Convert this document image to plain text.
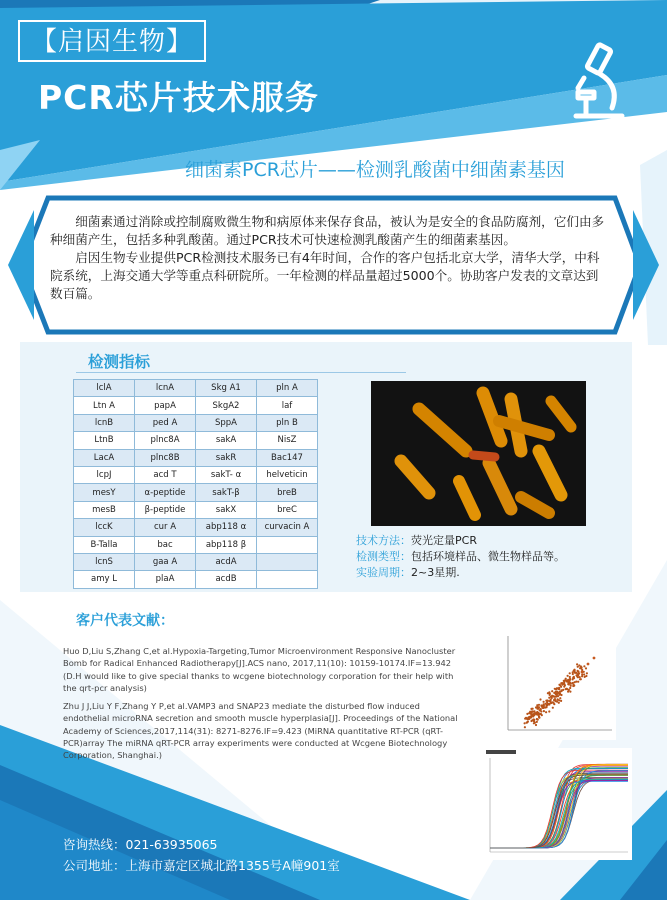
【启因生物】
PCR芯片技术服务
细菌素PCR芯片——检测乳酸菌中细菌素基因

细菌素通过消除或控制腐败微生物和病原体来保存食品，被认为是安全的食品防腐剂，它们由多种细菌产生，包括多种乳酸菌。通过PCR技术可快速检测乳酸菌产生的细菌素基因。

启因生物专业提供PCR检测技术服务已有4年时间，合作的客户包括北京大学，清华大学，中科院系统，上海交通大学等重点科研院所。一年检测的样品量超过5000个。协助客户发表的文章达到数百篇。

检测指标
lclA	lcnA	Skg A1	pln A
Ltn A	papA	SkgA2	laf
lcnB	ped A	SppA	pln B
LtnB	plnc8A	sakA	NisZ
LacA	plnc8B	sakR	Bac147
lcpJ	acd T	sakT- α	helveticin
mesY	α-peptide	sakT-β	breB
mesB	β-peptide	sakX	breC
lccK	cur A	abp118 α	curvacin A
B-Talla	bac	abp118 β	
lcnS	gaa A	acdA	
amy L	plaA	acdB	
技术方法：荧光定量PCR
检测类型：包括环境样品、微生物样品等。
实验周期：2~3星期.
客户代表文献：

Huo D,Liu S,Zhang C,et al.Hypoxia-Targeting,Tumor Microenvironment Responsive Nanocluster Bomb for Radical Enhanced Radiotherapy[J].ACS nano, 2017,11(10): 10159-10174.IF=13.942 (D.H would like to give special thanks to wcgene biotechnology corporation for their help with the qrt-pcr analysis)

Zhu J J,Liu Y F,Zhang Y P,et al.VAMP3 and SNAP23 mediate the disturbed flow induced endothelial microRNA secretion and smooth muscle hyperplasia[J]. Proceedings of the National Academy of Sciences,2017,114(31): 8271-8276.IF=9.423 (MiRNA quantitative RT-PCR (qRT-PCR)array The miRNA qRT-PCR array experiments were conducted at Wcgene Biotechnology Corporation, Shanghai.)

咨询热线：021-63935065
公司地址：上海市嘉定区城北路1355号A幢901室
